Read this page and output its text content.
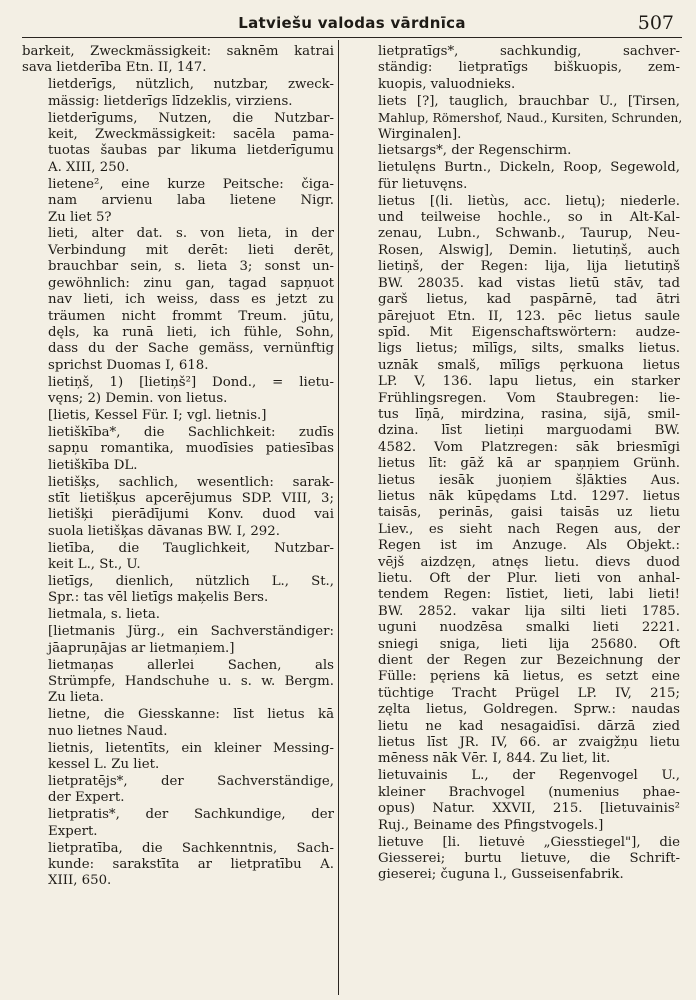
Latviešu valodas vārdnīca	507
barkeit, Zweckmässigkeit: saknēm katrai
sava lietderība Etn. II, 147.
lietderīgs, nützlich, nutzbar, zweck-
mässig: lietderīgs līdzeklis, virziens.
lietderīgums, Nutzen, die Nutzbar-
keit, Zweckmässigkeit: sacēla pama-
tuotas šaubas par likuma lietderīgumu
A. XIII, 250.
lietene², eine kurze Peitsche: čiga-
nam arvienu laba lietene Nigr.
Zu liet 5?
lieti, alter dat. s. von lieta, in der
Verbindung mit derēt: lieti derēt,
brauchbar sein, s. lieta 3; sonst un-
gewöhnlich: zinu gan, tagad sapņuot
nav lieti, ich weiss, dass es jetzt zu
träumen nicht frommt Treum. jūtu,
dęls, ka runā lieti, ich fühle, Sohn,
dass du der Sache gemäss, vernünftig
sprichst Duomas I, 618.
lietiņš, 1) [lietiņš²] Dond., = lietu-
vęns; 2) Demin. von lietus.
[lietis, Kessel Für. I; vgl. lietnis.]
lietiškība*, die Sachlichkeit: zudīs
sapņu romantika, muodīsies patiesības
lietiškība DL.
lietišķs, sachlich, wesentlich: sarak-
stīt lietišķus apcerējumus SDP. VIII, 3;
lietišķi pierādījumi Konv. duod vai
suola lietišķas dāvanas BW. I, 292.
lietība, die Tauglichkeit, Nutzbar-
keit L., St., U.
lietīgs, dienlich, nützlich L., St.,
Spr.: tas vēl lietīgs maķelis Bers.
lietmala, s. lieta.
[lietmanis Jürg., ein Sachverständiger:
jāapruņājas ar lietmaņiem.]
lietmaņas allerlei Sachen, als
Strümpfe, Handschuhe u. s. w. Bergm.
Zu lieta.
lietne, die Giesskanne: līst lietus kā
nuo lietnes Naud.
lietnis, lietentīts, ein kleiner Messing-
kessel L. Zu liet.
lietpratējs*, der Sachverständige,
der Expert.
lietpratis*, der Sachkundige, der
Expert.
lietpratība, die Sachkenntnis, Sach-
kunde: sarakstīta ar lietpratību A.
XIII, 650.
lietpratīgs*, sachkundig, sachver-
ständig: lietpratīgs biškuopis, zem-
kuopis, valuodnieks.
liets [?], tauglich, brauchbar U., [Tirsen,
Mahlup, Römershof, Naud., Kursiten, Schrunden,
Wirginalen].
lietsargs*, der Regenschirm.
lietulęns Burtn., Dickeln, Roop, Segewold,
für lietuvęns.
lietus [(li. lietùs, acc. lietų); niederle.
und teilweise hochle., so in Alt-Kal-
zenau, Lubn., Schwanb., Taurup, Neu-
Rosen, Alswig], Demin. lietutiņš, auch
lietiņš, der Regen: lija, lija lietutiņš
BW. 28035. kad vistas lietū stāv, tad
garš lietus, kad paspārnē, tad ātri
pārejuot Etn. II, 123. pēc lietus saule
spīd. Mit Eigenschaftswörtern: audze-
ligs lietus; mīlīgs, silts, smalks lietus.
uznāk smalš, mīlīgs pęrkuona lietus
LP. V, 136. lapu lietus, ein starker
Frühlingsregen. Vom Staubregen: lie-
tus līņā, mirdzina, rasina, sijā, smil-
dzina. līst lietiņi marguodami BW.
4582. Vom Platzregen: sāk briesmīgi
lietus līt: gāž kā ar spaņņiem Grünh.
lietus iesāk juoņiem šļākties Aus.
lietus nāk kūpędams Ltd. 1297. lietus
taisās, perinās, gaisi taisās uz lietu
Liev., es sieht nach Regen aus, der
Regen ist im Anzuge. Als Objekt.:
vējš aizdzęn, atnęs lietu. dievs duod
lietu. Oft der Plur. lieti von anhal-
tendem Regen: līstiet, lieti, labi lieti!
BW. 2852. vakar lija silti lieti 1785.
uguni nuodzēsa smalki lieti 2221.
sniegi sniga, lieti lija 25680. Oft
dient der Regen zur Bezeichnung der
Fülle: pęriens kā lietus, es setzt eine
tüchtige Tracht Prügel LP. IV, 215;
zęlta lietus, Goldregen. Sprw.: naudas
lietu ne kad nesagaidīsi. dārzā zied
lietus līst JR. IV, 66. ar zvaigžņu lietu
mēness nāk Vēr. I, 844. Zu liet, lit.
lietuvainis L., der Regenvogel U.,
kleiner Brachvogel (numenius phae-
opus) Natur. XXVII, 215. [lietuvainis²
Ruj., Beiname des Pfingstvogels.]
lietuve [li. lietuvė „Giesstiegel"], die
Giesserei; burtu lietuve, die Schrift-
gieserei; čuguna l., Gusseisenfabrik.
